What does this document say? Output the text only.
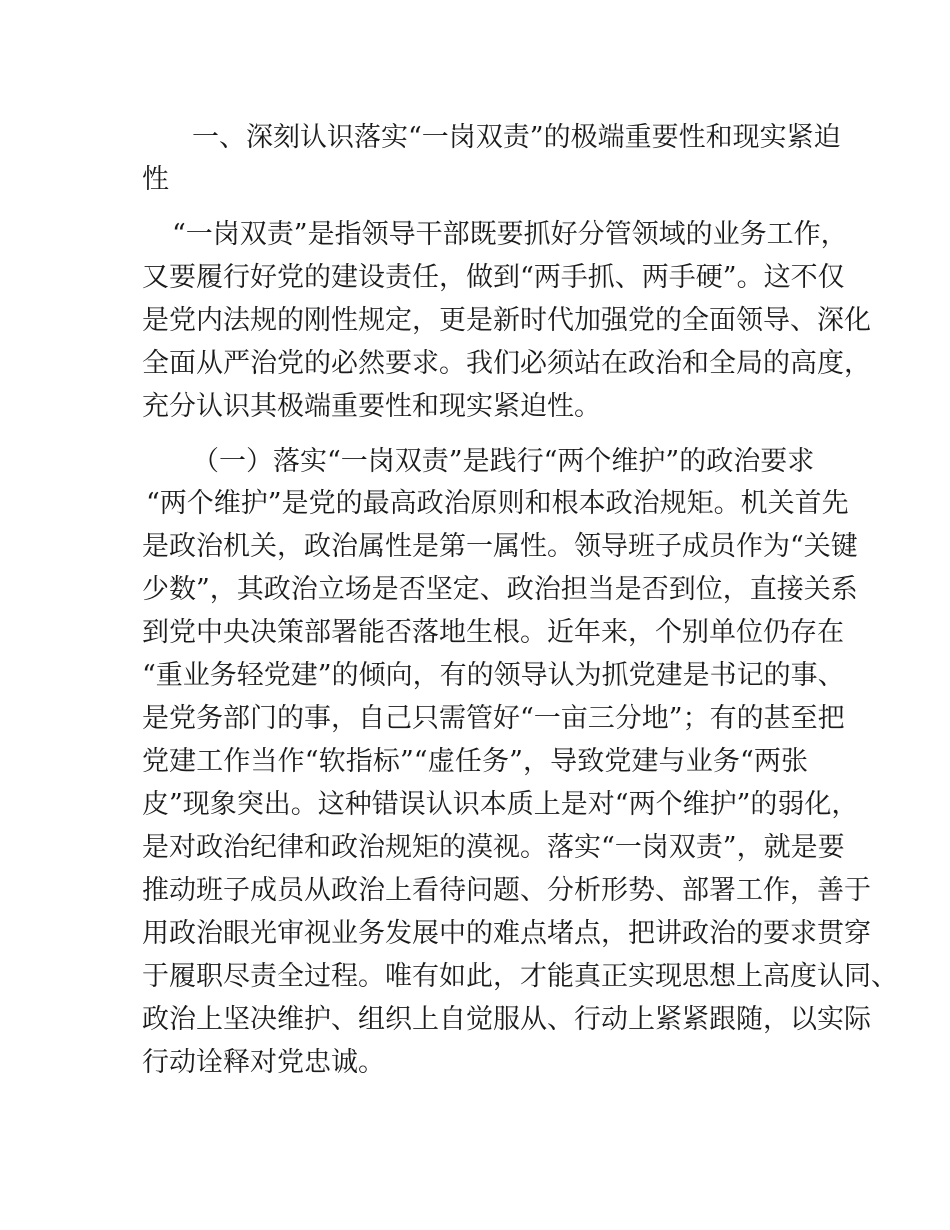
一、深刻认识落实“一岗双责”的极端重要性和现实紧迫

性

“一岗双责”是指领导干部既要抓好分管领域的业务工作，

又要履行好党的建设责任，做到“两手抓、两手硬”。这不仅

是党内法规的刚性规定，更是新时代加强党的全面领导、深化

全面从严治党的必然要求。我们必须站在政治和全局的高度，

充分认识其极端重要性和现实紧迫性。

（一）落实“一岗双责”是践行“两个维护”的政治要求

“两个维护”是党的最高政治原则和根本政治规矩。机关首先

是政治机关，政治属性是第一属性。领导班子成员作为“关键

少数”，其政治立场是否坚定、政治担当是否到位，直接关系

到党中央决策部署能否落地生根。近年来，个别单位仍存在

“重业务轻党建”的倾向，有的领导认为抓党建是书记的事、

是党务部门的事，自己只需管好“一亩三分地”；有的甚至把

党建工作当作“软指标”“虚任务”，导致党建与业务“两张

皮”现象突出。这种错误认识本质上是对“两个维护”的弱化，

是对政治纪律和政治规矩的漠视。落实“一岗双责”，就是要

推动班子成员从政治上看待问题、分析形势、部署工作，善于

用政治眼光审视业务发展中的难点堵点，把讲政治的要求贯穿

于履职尽责全过程。唯有如此，才能真正实现思想上高度认同、

政治上坚决维护、组织上自觉服从、行动上紧紧跟随，以实际

行动诠释对党忠诚。
